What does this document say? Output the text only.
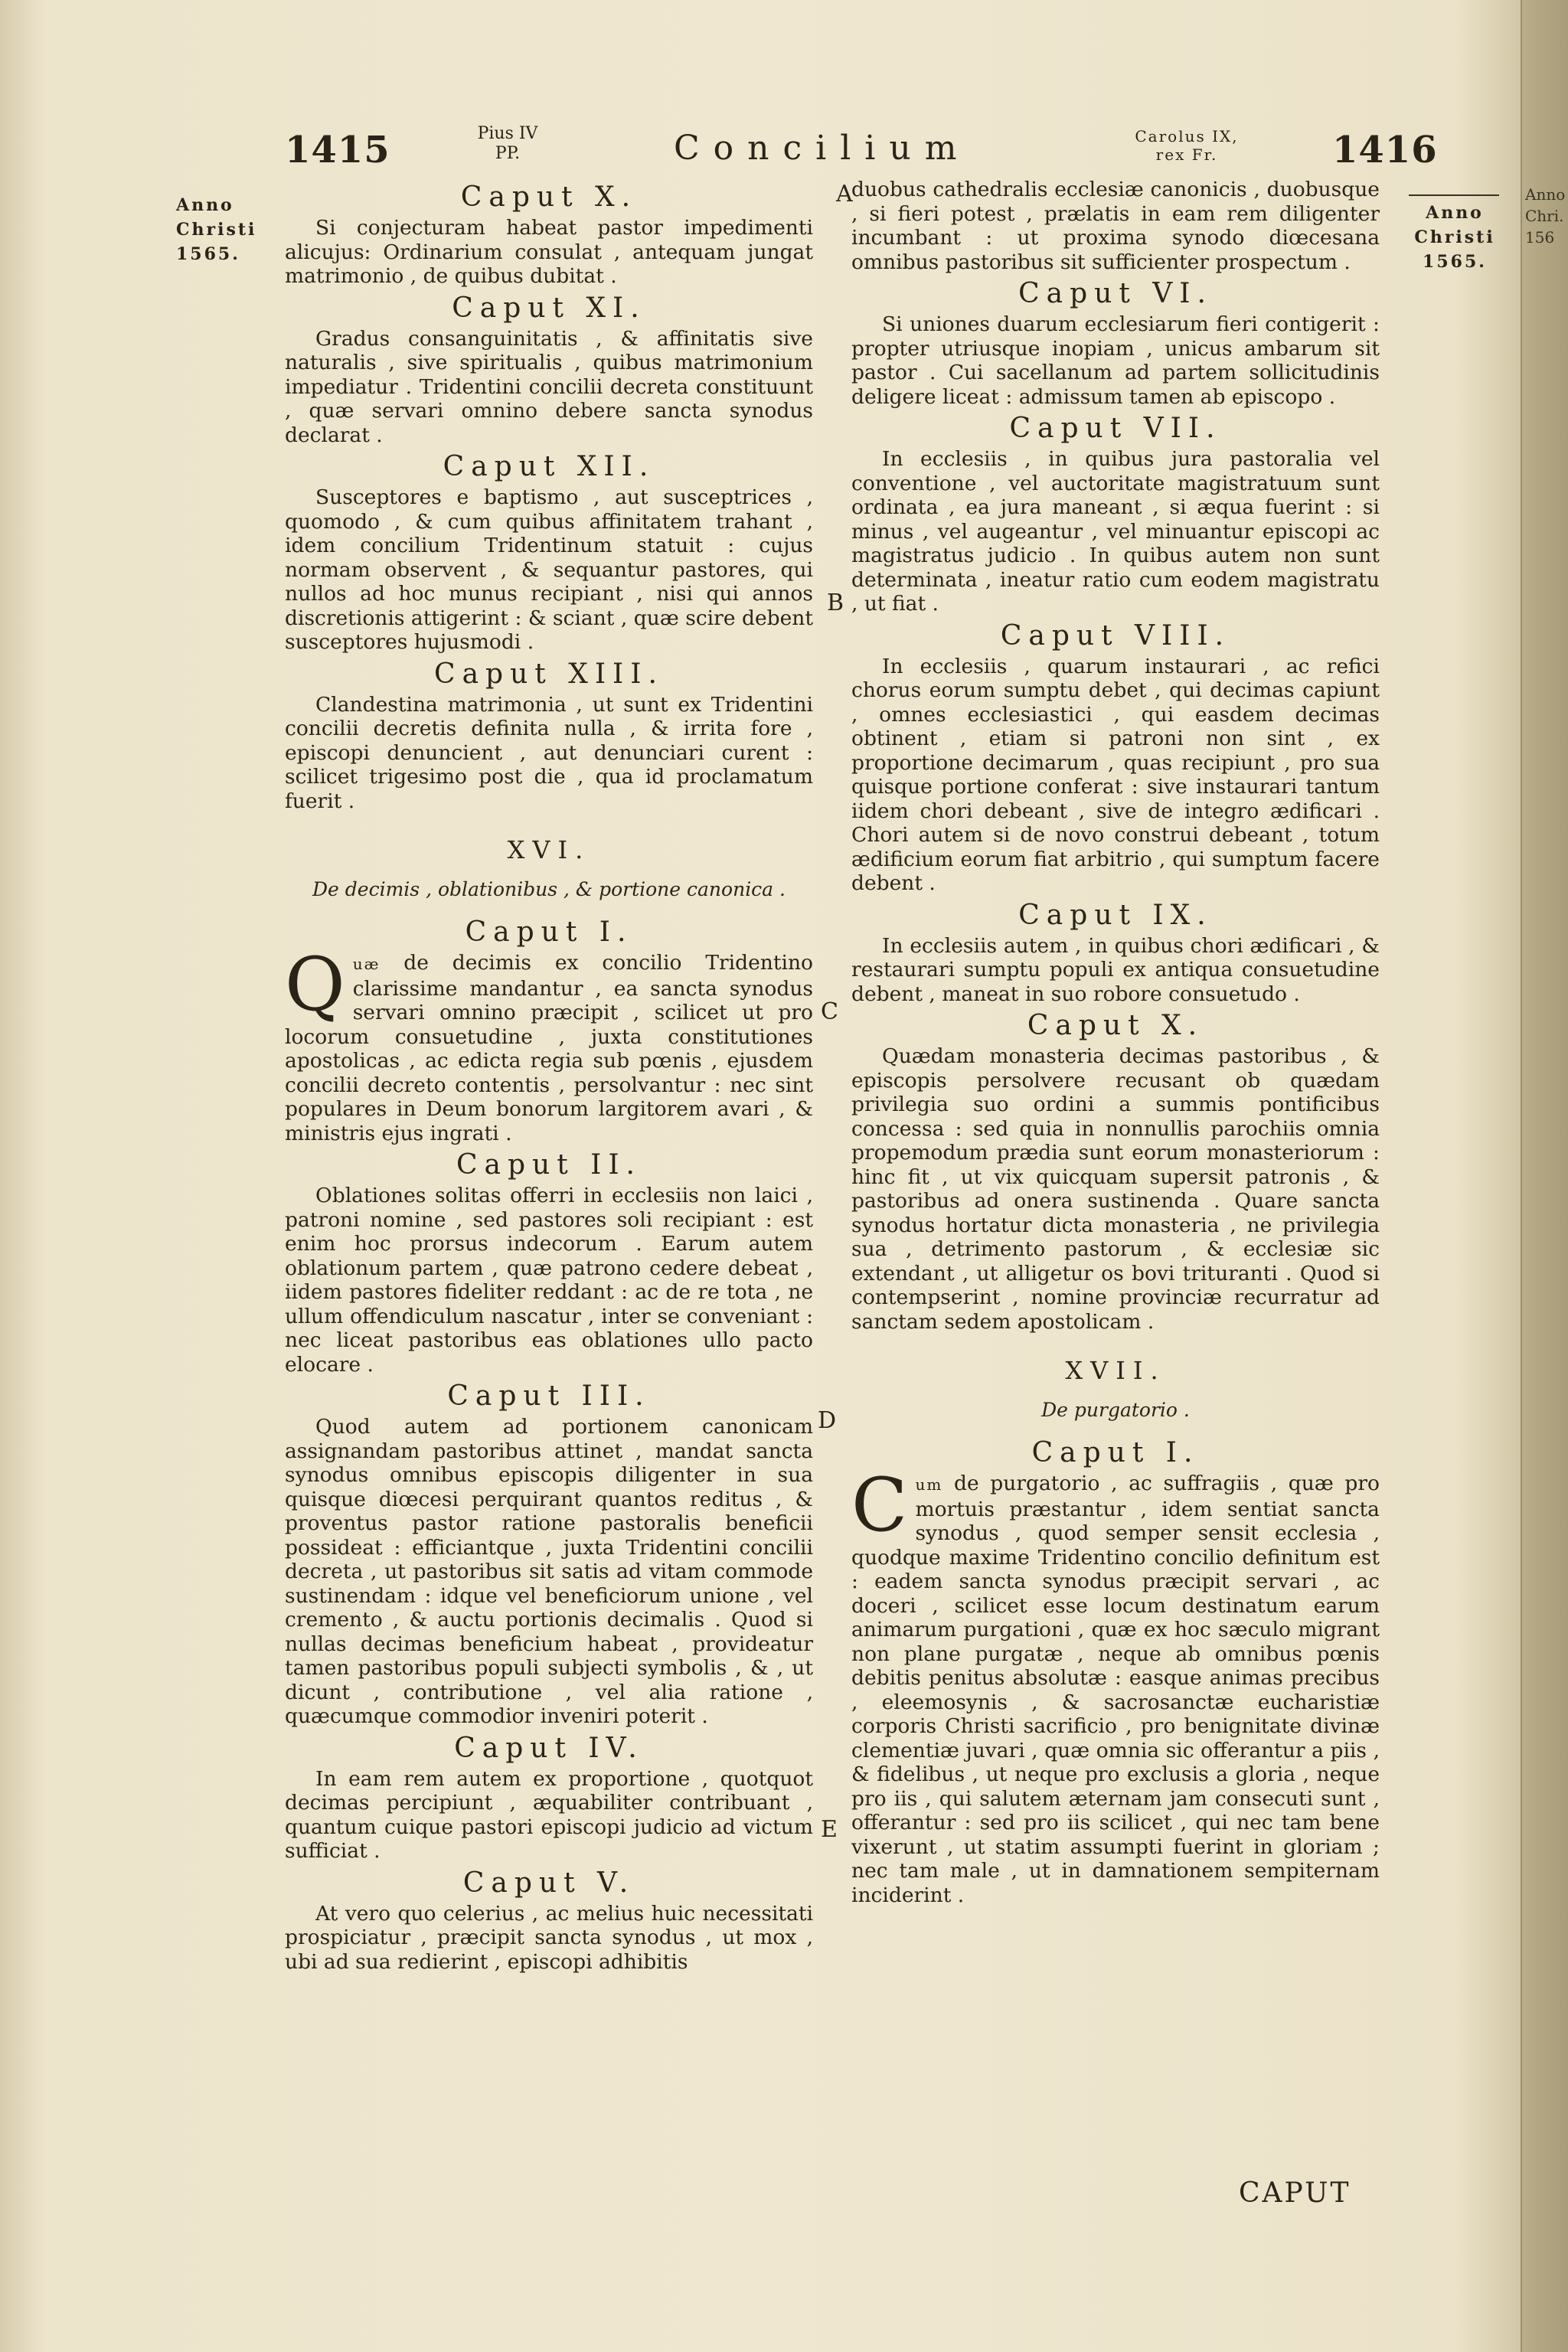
1415	Pius IV
PP.	Concilium	Carolus IX,
rex Fr.	1416
Anno
Christi
1565.
Anno
Christi
1565.
A
B
C
D
E
Caput X.

Si conjecturam habeat pastor impedimenti alicujus: Ordinarium consulat , antequam jungat matrimonio , de quibus dubitat .

Caput XI.

Gradus consanguinitatis , & affinitatis sive naturalis , sive spiritualis , quibus matrimonium impediatur . Tridentini concilii decreta constituunt , quæ servari omnino debere sancta synodus declarat .

Caput XII.

Susceptores e baptismo , aut susceptrices , quomodo , & cum quibus affinitatem trahant , idem concilium Tridentinum statuit : cujus normam observent , & sequantur pastores, qui nullos ad hoc munus recipiant , nisi qui annos discretionis attigerint : & sciant , quæ scire debent susceptores hujusmodi .

Caput XIII.

Clandestina matrimonia , ut sunt ex Tridentini concilii decretis definita nulla , & irrita fore , episcopi denuncient , aut denunciari curent : scilicet trigesimo post die , qua id proclamatum fuerit .

XVI.
De decimis , oblationibus , & portione canonica .
Caput I.

Quæ de decimis ex concilio Tridentino clarissime mandantur , ea sancta synodus servari omnino præcipit , scilicet ut pro locorum consuetudine , juxta constitutiones apostolicas , ac edicta regia sub pœnis , ejusdem concilii decreto contentis , persolvantur : nec sint populares in Deum bonorum largitorem avari , & ministris ejus ingrati .

Caput II.

Oblationes solitas offerri in ecclesiis non laici , patroni nomine , sed pastores soli recipiant : est enim hoc prorsus indecorum . Earum autem oblationum partem , quæ patrono cedere debeat , iidem pastores fideliter reddant : ac de re tota , ne ullum offendiculum nascatur , inter se conveniant : nec liceat pastoribus eas oblationes ullo pacto elocare .

Caput III.

Quod autem ad portionem canonicam assignandam pastoribus attinet , mandat sancta synodus omnibus episcopis diligenter in sua quisque diœcesi perquirant quantos reditus , & proventus pastor ratione pastoralis beneficii possideat : efficiantque , juxta Tridentini concilii decreta , ut pastoribus sit satis ad vitam commode sustinendam : idque vel beneficiorum unione , vel cremento , & auctu portionis decimalis . Quod si nullas decimas beneficium habeat , provideatur tamen pastoribus populi subjecti symbolis , & , ut dicunt , contributione , vel alia ratione , quæcumque commodior inveniri poterit .

Caput IV.

In eam rem autem ex proportione , quotquot decimas percipiunt , æquabiliter contribuant , quantum cuique pastori episcopi judicio ad victum sufficiat .

Caput V.

At vero quo celerius , ac melius huic necessitati prospiciatur , præcipit sancta synodus , ut mox , ubi ad sua redierint , episcopi adhibitis

duobus cathedralis ecclesiæ canonicis , duobusque , si fieri potest , prælatis in eam rem diligenter incumbant : ut proxima synodo diœcesana omnibus pastoribus sit sufficienter prospectum .

Caput VI.

Si uniones duarum ecclesiarum fieri contigerit : propter utriusque inopiam , unicus ambarum sit pastor . Cui sacellanum ad partem sollicitudinis deligere liceat : admissum tamen ab episcopo .

Caput VII.

In ecclesiis , in quibus jura pastoralia vel conventione , vel auctoritate magistratuum sunt ordinata , ea jura maneant , si æqua fuerint : si minus , vel augeantur , vel minuantur episcopi ac magistratus judicio . In quibus autem non sunt determinata , ineatur ratio cum eodem magistratu , ut fiat .

Caput VIII.

In ecclesiis , quarum instaurari , ac refici chorus eorum sumptu debet , qui decimas capiunt , omnes ecclesiastici , qui easdem decimas obtinent , etiam si patroni non sint , ex proportione decimarum , quas recipiunt , pro sua quisque portione conferat : sive instaurari tantum iidem chori debeant , sive de integro ædificari . Chori autem si de novo construi debeant , totum ædificium eorum fiat arbitrio , qui sumptum facere debent .

Caput IX.

In ecclesiis autem , in quibus chori ædificari , & restaurari sumptu populi ex antiqua consuetudine debent , maneat in suo robore consuetudo .

Caput X.

Quædam monasteria decimas pastoribus , & episcopis persolvere recusant ob quædam privilegia suo ordini a summis pontificibus concessa : sed quia in nonnullis parochiis omnia propemodum prædia sunt eorum monasteriorum : hinc fit , ut vix quicquam supersit patronis , & pastoribus ad onera sustinenda . Quare sancta synodus hortatur dicta monasteria , ne privilegia sua , detrimento pastorum , & ecclesiæ sic extendant , ut alligetur os bovi trituranti . Quod si contempserint , nomine provinciæ recurratur ad sanctam sedem apostolicam .

XVII.
De purgatorio .
Caput I.

Cum de purgatorio , ac suffragiis , quæ pro mortuis præstantur , idem sentiat sancta synodus , quod semper sensit ecclesia , quodque maxime Tridentino concilio definitum est : eadem sancta synodus præcipit servari , ac doceri , scilicet esse locum destinatum earum animarum purgationi , quæ ex hoc sæculo migrant non plane purgatæ , neque ab omnibus pœnis debitis penitus absolutæ : easque animas precibus , eleemosynis , & sacrosanctæ eucharistiæ corporis Christi sacrificio , pro benignitate divinæ clementiæ juvari , quæ omnia sic offerantur a piis , & fidelibus , ut neque pro exclusis a gloria , neque pro iis , qui salutem æternam jam consecuti sunt , offerantur : sed pro iis scilicet , qui nec tam bene vixerunt , ut statim assumpti fuerint in gloriam ; nec tam male , ut in damnationem sempiternam inciderint .

CAPUT
Anno
Chri.
156
